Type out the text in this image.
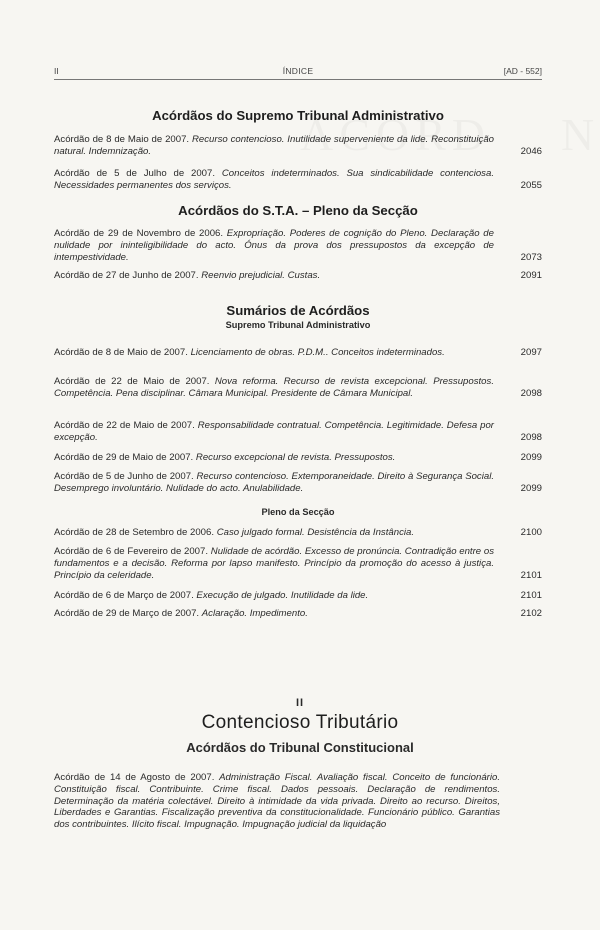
II	ÍNDICE	[AD - 552]
Acórdãos do Supremo Tribunal Administrativo
Acórdão de 8 de Maio de 2007. Recurso contencioso. Inutilidade superveniente da lide. Reconstituição natural. Indemnização.	2046
Acórdão de 5 de Julho de 2007. Conceitos indeterminados. Sua sindicabilidade contenciosa. Necessidades permanentes dos serviços.	2055
Acórdãos do S.T.A. – Pleno da Secção
Acórdão de 29 de Novembro de 2006. Expropriação. Poderes de cognição do Pleno. Declaração de nulidade por ininteligibilidade do acto. Ónus da prova dos pressupostos da excepção de intempestividade.	2073
Acórdão de 27 de Junho de 2007. Reenvio prejudicial. Custas.	2091
Sumários de Acórdãos
Supremo Tribunal Administrativo
Acórdão de 8 de Maio de 2007. Licenciamento de obras. P.D.M.. Conceitos indeterminados.	2097
Acórdão de 22 de Maio de 2007. Nova reforma. Recurso de revista excepcional. Pressupostos. Competência. Pena disciplinar. Câmara Municipal. Presidente de Câmara Municipal.	2098
Acórdão de 22 de Maio de 2007. Responsabilidade contratual. Competência. Legitimidade. Defesa por excepção.	2098
Acórdão de 29 de Maio de 2007. Recurso excepcional de revista. Pressupostos.	2099
Acórdão de 5 de Junho de 2007. Recurso contencioso. Extemporaneidade. Direito à Segurança Social. Desemprego involuntário. Nulidade do acto. Anulabilidade.	2099
Pleno da Secção
Acórdão de 28 de Setembro de 2006. Caso julgado formal. Desistência da Instância.	2100
Acórdão de 6 de Fevereiro de 2007. Nulidade de acórdão. Excesso de pronúncia. Contradição entre os fundamentos e a decisão. Reforma por lapso manifesto. Princípio da promoção do acesso à justiça. Princípio da celeridade.	2101
Acórdão de 6 de Março de 2007. Execução de julgado. Inutilidade da lide.	2101
Acórdão de 29 de Março de 2007. Aclaração. Impedimento.	2102
II
Contencioso Tributário
Acórdãos do Tribunal Constitucional
Acórdão de 14 de Agosto de 2007. Administração Fiscal. Avaliação fiscal. Conceito de funcionário. Constituição fiscal. Contribuinte. Crime fiscal. Dados pessoais. Declaração de rendimentos. Determinação da matéria colectável. Direito à intimidade da vida privada. Direito ao recurso. Direitos, Liberdades e Garantias. Fiscalização preventiva da constitucionalidade. Funcionário público. Garantias dos contribuintes. Ilícito fiscal. Impugnação. Impugnação judicial da liquidação
